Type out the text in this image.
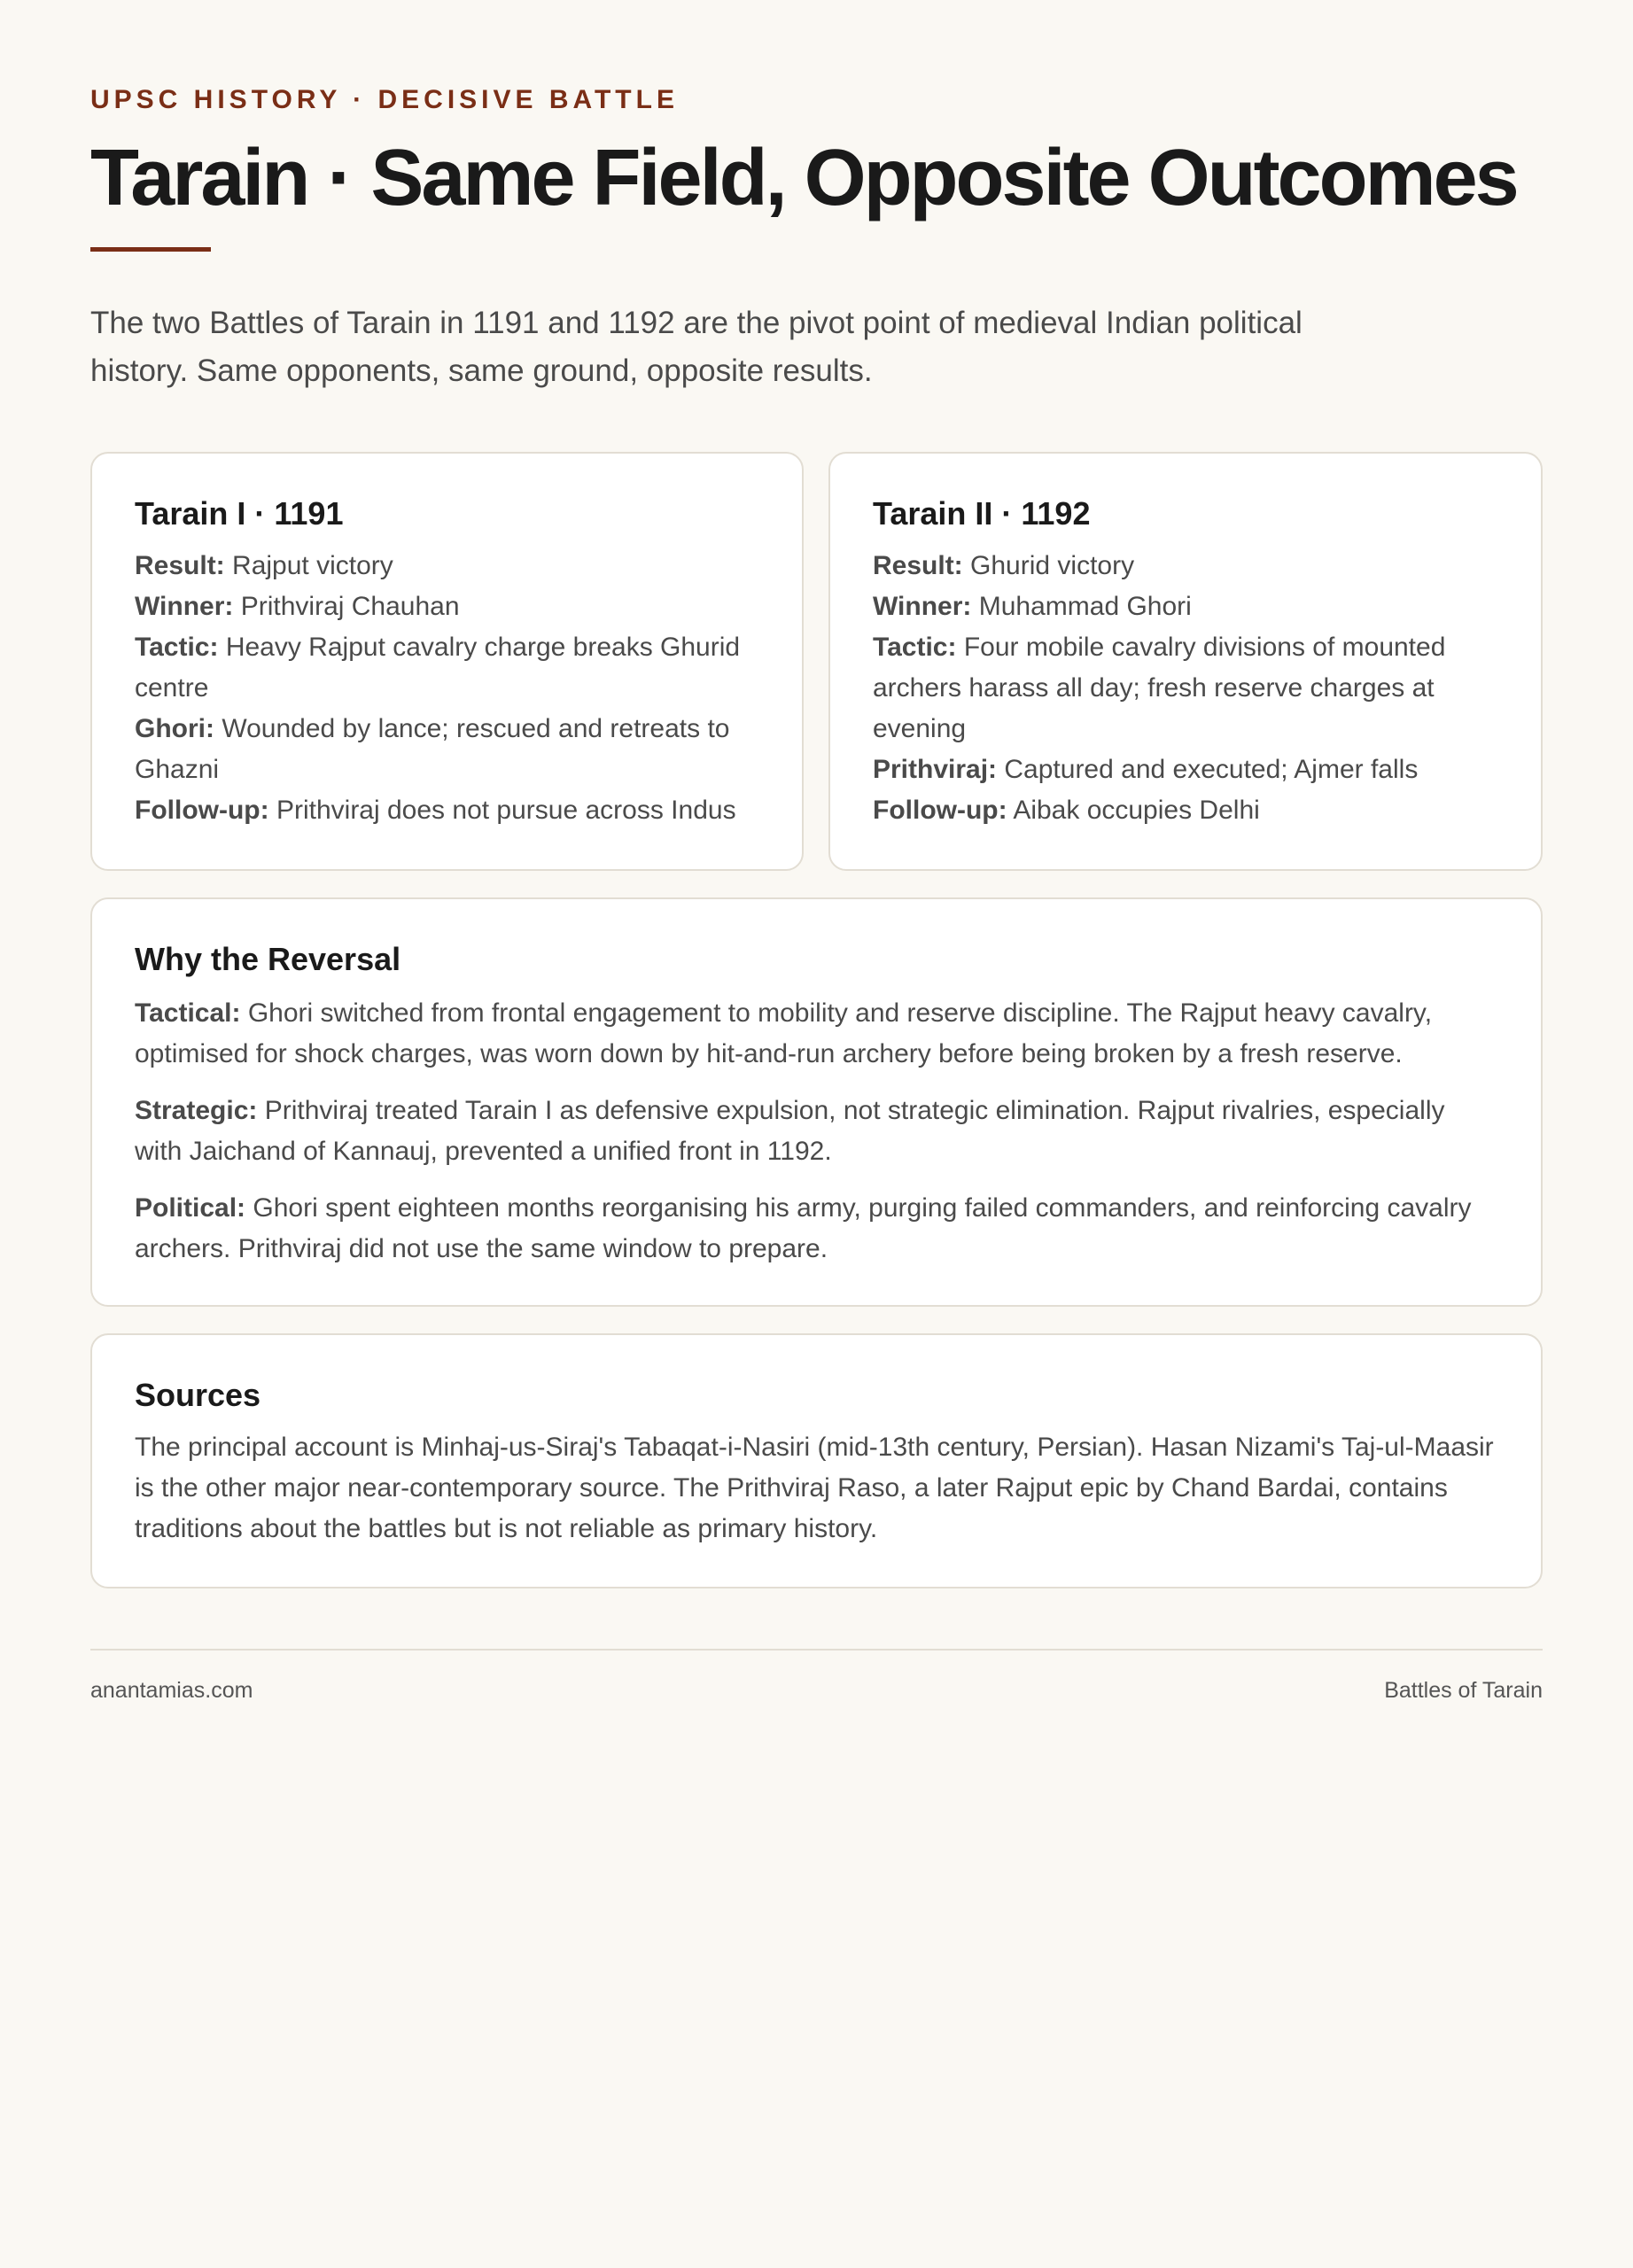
UPSC HISTORY · DECISIVE BATTLE
Tarain · Same Field, Opposite Outcomes

The two Battles of Tarain in 1191 and 1192 are the pivot point of medieval Indian political history. Same opponents, same ground, opposite results.

Tarain I · 1191

Result: Rajput victory

Winner: Prithviraj Chauhan

Tactic: Heavy Rajput cavalry charge breaks Ghurid centre

Ghori: Wounded by lance; rescued and retreats to Ghazni

Follow-up: Prithviraj does not pursue across Indus

Tarain II · 1192

Result: Ghurid victory

Winner: Muhammad Ghori

Tactic: Four mobile cavalry divisions of mounted archers harass all day; fresh reserve charges at evening

Prithviraj: Captured and executed; Ajmer falls

Follow-up: Aibak occupies Delhi

Why the Reversal

Tactical: Ghori switched from frontal engagement to mobility and reserve discipline. The Rajput heavy cavalry, optimised for shock charges, was worn down by hit-and-run archery before being broken by a fresh reserve.

Strategic: Prithviraj treated Tarain I as defensive expulsion, not strategic elimination. Rajput rivalries, especially with Jaichand of Kannauj, prevented a unified front in 1192.

Political: Ghori spent eighteen months reorganising his army, purging failed commanders, and reinforcing cavalry archers. Prithviraj did not use the same window to prepare.

Sources

The principal account is Minhaj-us-Siraj's Tabaqat-i-Nasiri (mid-13th century, Persian). Hasan Nizami's Taj-ul-Maasir is the other major near-contemporary source. The Prithviraj Raso, a later Rajput epic by Chand Bardai, contains traditions about the battles but is not reliable as primary history.

anantamias.com	Battles of Tarain
